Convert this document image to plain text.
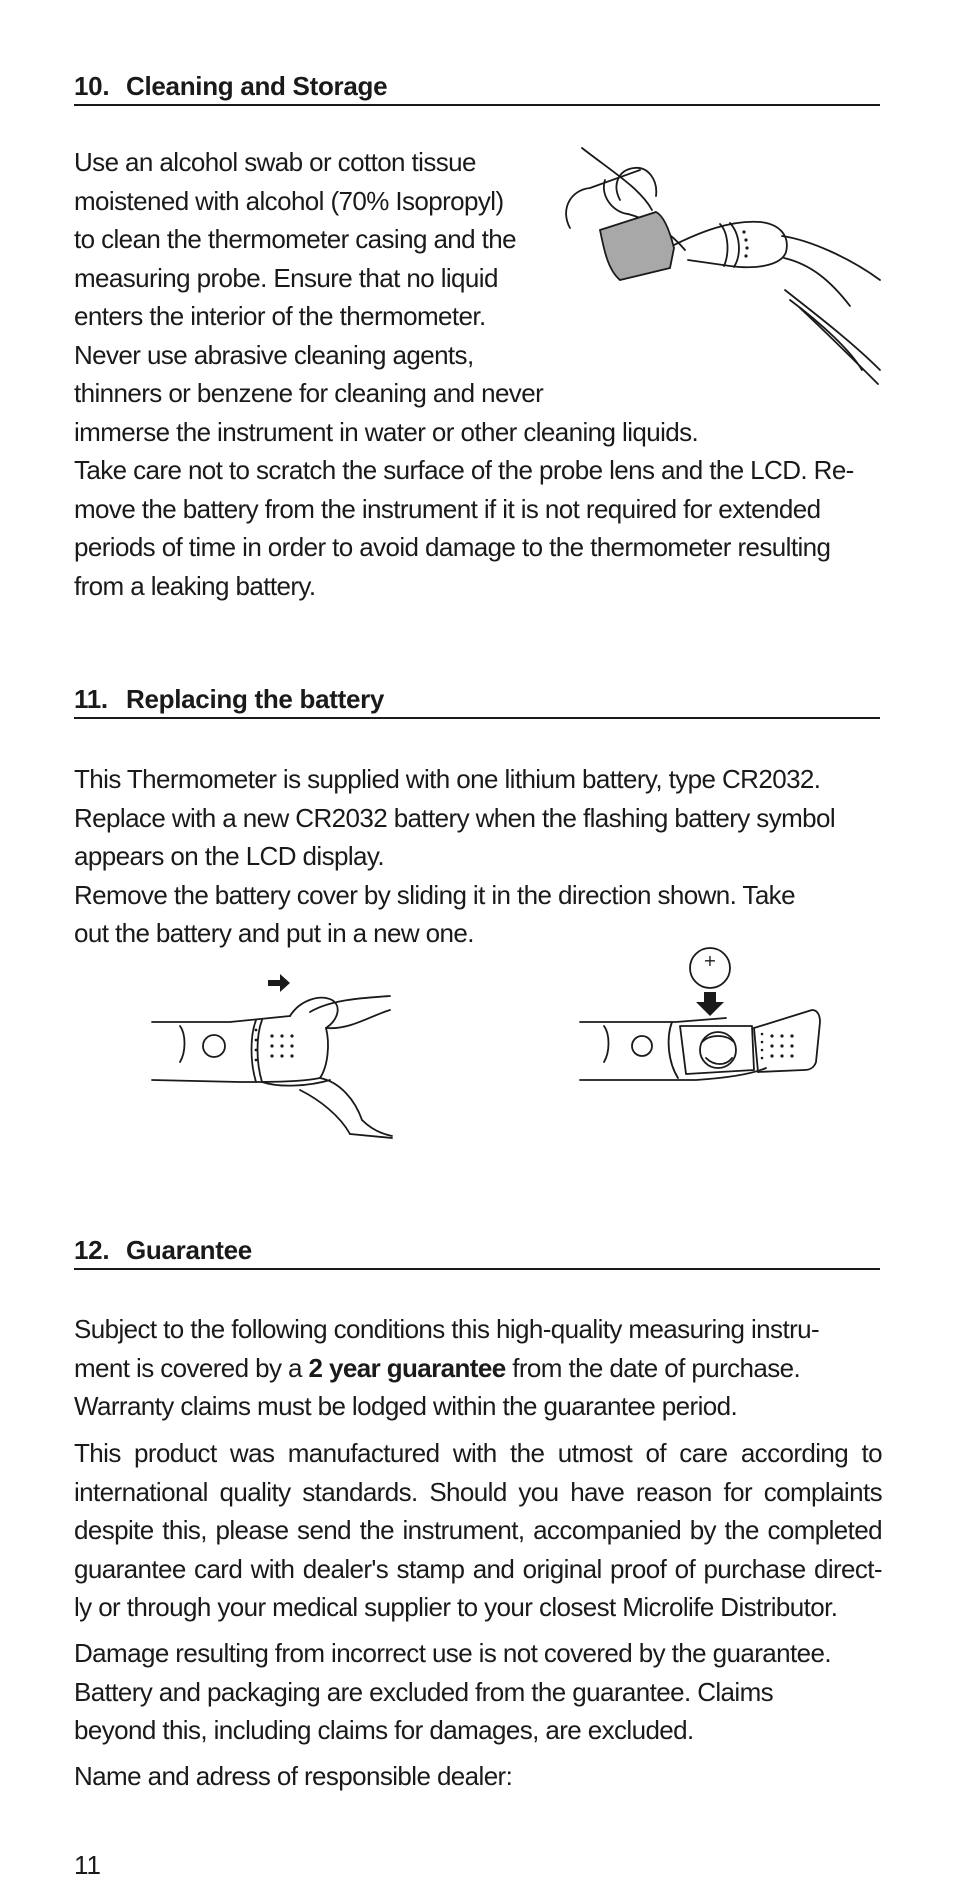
10. Cleaning and Storage

Use an alcohol swab or cotton tissue
moistened with alcohol (70% Isopropyl)
to clean the thermometer casing and the
measuring probe. Ensure that no liquid
enters the interior of the thermometer.
Never use abrasive cleaning agents,
thinners or benzene for cleaning and never
immerse the instrument in water or other cleaning liquids.
Take care not to scratch the surface of the probe lens and the LCD. Re-
move the battery from the instrument if it is not required for extended
periods of time in order to avoid damage to the thermometer resulting
from a leaking battery.

11. Replacing the battery

This Thermometer is supplied with one lithium battery, type CR2032.
Replace with a new CR2032 battery when the flashing battery symbol
appears on the LCD display.
Remove the battery cover by sliding it in the direction shown. Take
out the battery and put in a new one.

+
12. Guarantee

Subject to the following conditions this high-quality measuring instru-
ment is covered by a 2 year guarantee from the date of purchase.
Warranty claims must be lodged within the guarantee period.

This product was manufactured with the utmost of care according to
international quality standards. Should you have reason for complaints
despite this, please send the instrument, accompanied by the completed
guarantee card with dealer's stamp and original proof of purchase direct-
ly or through your medical supplier to your closest Microlife Distributor.

Damage resulting from incorrect use is not covered by the guarantee.
Battery and packaging are excluded from the guarantee. Claims
beyond this, including claims for damages, are excluded.

Name and adress of responsible dealer:

11
